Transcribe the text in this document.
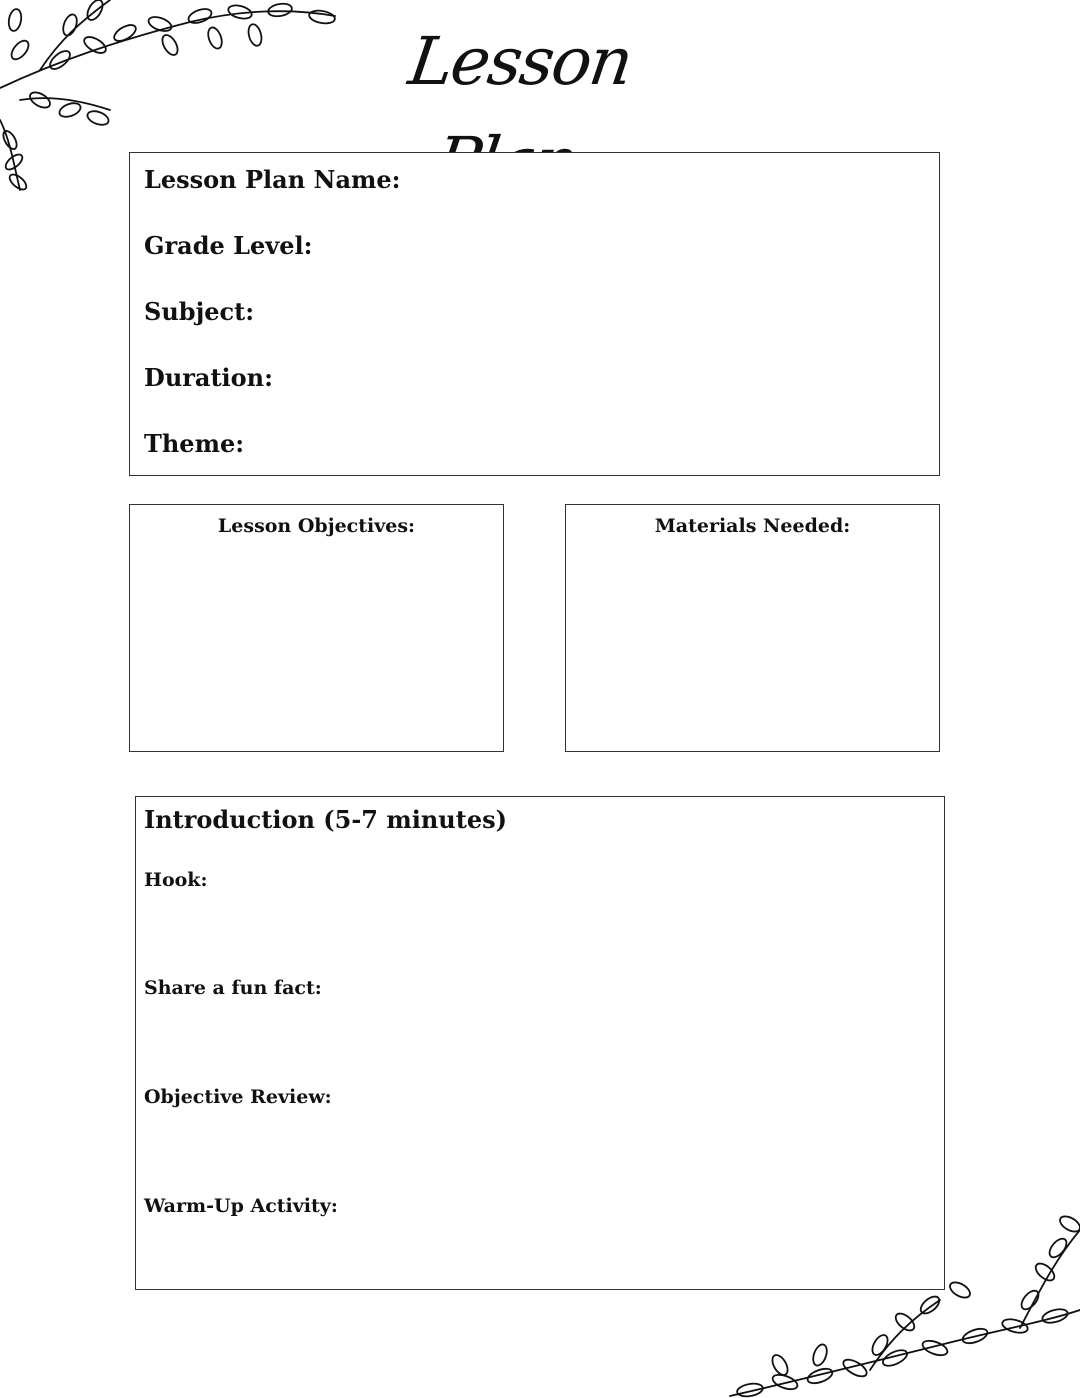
Lesson
Lesson Plan Name:
Grade Level:
Subject:
Duration:
Theme:
Lesson Objectives:	Materials Needed:
Introduction (5-7 minutes)
Hook:
Share a fun fact:
Objective Review:
Warm-Up Activity:
